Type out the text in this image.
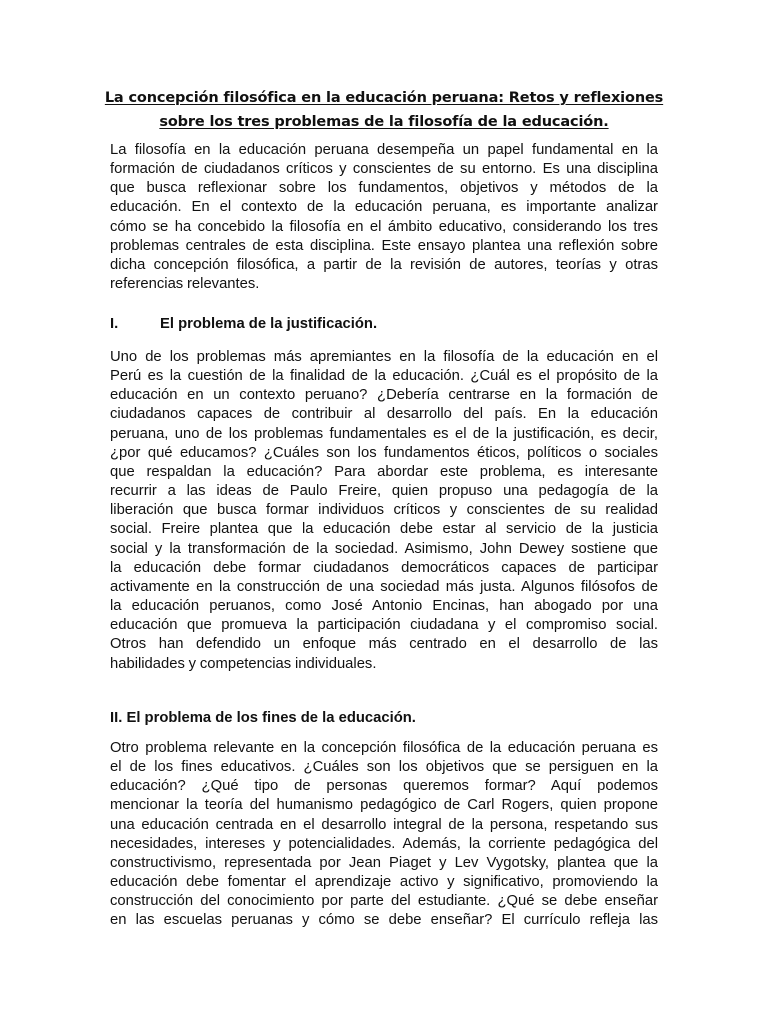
La concepción filosófica en la educación peruana: Retos y reflexiones
sobre los tres problemas de la filosofía de la educación.

La filosofía en la educación peruana desempeña un papel fundamental en la
formación de ciudadanos críticos y conscientes de su entorno. Es una disciplina
que busca reflexionar sobre los fundamentos, objetivos y métodos de la
educación. En el contexto de la educación peruana, es importante analizar
cómo se ha concebido la filosofía en el ámbito educativo, considerando los tres
problemas centrales de esta disciplina. Este ensayo plantea una reflexión sobre
dicha concepción filosófica, a partir de la revisión de autores, teorías y otras
referencias relevantes.

I.	El problema de la justificación.

Uno de los problemas más apremiantes en la filosofía de la educación en el
Perú es la cuestión de la finalidad de la educación. ¿Cuál es el propósito de la
educación en un contexto peruano? ¿Debería centrarse en la formación de
ciudadanos capaces de contribuir al desarrollo del país. En la educación
peruana, uno de los problemas fundamentales es el de la justificación, es decir,
¿por qué educamos? ¿Cuáles son los fundamentos éticos, políticos o sociales
que respaldan la educación? Para abordar este problema, es interesante
recurrir a las ideas de Paulo Freire, quien propuso una pedagogía de la
liberación que busca formar individuos críticos y conscientes de su realidad
social. Freire plantea que la educación debe estar al servicio de la justicia
social y la transformación de la sociedad. Asimismo, John Dewey sostiene que
la educación debe formar ciudadanos democráticos capaces de participar
activamente en la construcción de una sociedad más justa. Algunos filósofos de
la educación peruanos, como José Antonio Encinas, han abogado por una
educación que promueva la participación ciudadana y el compromiso social.
Otros han defendido un enfoque más centrado en el desarrollo de las
habilidades y competencias individuales.

II. El problema de los fines de la educación.

Otro problema relevante en la concepción filosófica de la educación peruana es
el de los fines educativos. ¿Cuáles son los objetivos que se persiguen en la
educación? ¿Qué tipo de personas queremos formar? Aquí podemos
mencionar la teoría del humanismo pedagógico de Carl Rogers, quien propone
una educación centrada en el desarrollo integral de la persona, respetando sus
necesidades, intereses y potencialidades. Además, la corriente pedagógica del
constructivismo, representada por Jean Piaget y Lev Vygotsky, plantea que la
educación debe fomentar el aprendizaje activo y significativo, promoviendo la
construcción del conocimiento por parte del estudiante. ¿Qué se debe enseñar
en las escuelas peruanas y cómo se debe enseñar? El currículo refleja las
